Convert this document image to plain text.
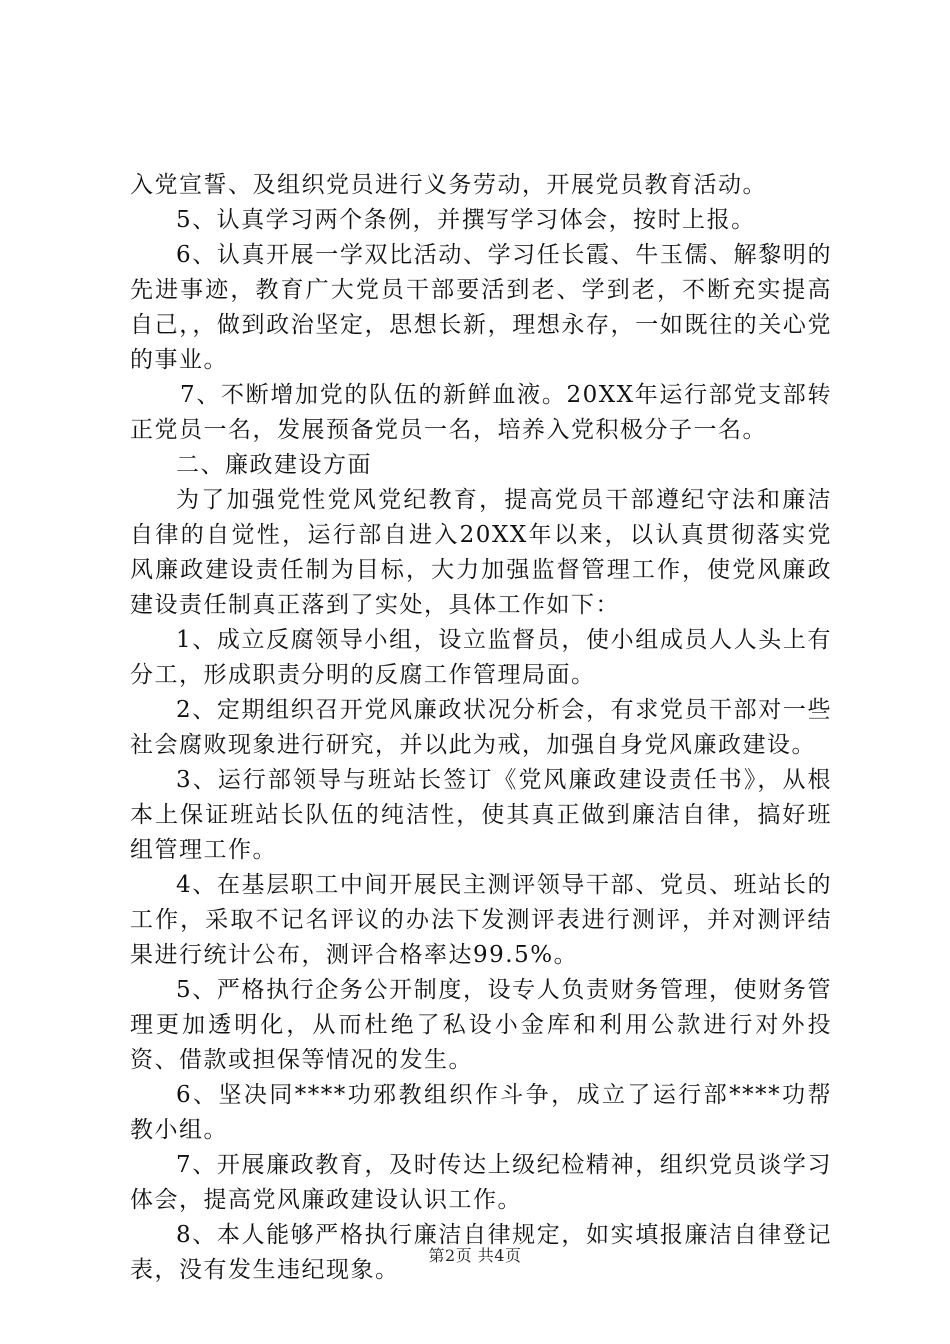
入党宣誓、及组织党员进行义务劳动，开展党员教育活动。

5、认真学习两个条例，并撰写学习体会，按时上报。

6、认真开展一学双比活动、学习任长霞、牛玉儒、解黎明的先进事迹，教育广大党员干部要活到老、学到老，不断充实提高自己，，做到政治坚定，思想长新，理想永存，一如既往的关心党的事业。

7、不断增加党的队伍的新鲜血液。20XX年运行部党支部转正党员一名，发展预备党员一名，培养入党积极分子一名。

二、廉政建设方面

为了加强党性党风党纪教育，提高党员干部遵纪守法和廉洁自律的自觉性，运行部自进入20XX年以来，以认真贯彻落实党风廉政建设责任制为目标，大力加强监督管理工作，使党风廉政建设责任制真正落到了实处，具体工作如下：

1、成立反腐领导小组，设立监督员，使小组成员人人头上有分工，形成职责分明的反腐工作管理局面。

2、定期组织召开党风廉政状况分析会，有求党员干部对一些社会腐败现象进行研究，并以此为戒，加强自身党风廉政建设。

3、运行部领导与班站长签订《党风廉政建设责任书》，从根本上保证班站长队伍的纯洁性，使其真正做到廉洁自律，搞好班组管理工作。

4、在基层职工中间开展民主测评领导干部、党员、班站长的工作，采取不记名评议的办法下发测评表进行测评，并对测评结果进行统计公布，测评合格率达99.5%。

5、严格执行企务公开制度，设专人负责财务管理，使财务管理更加透明化，从而杜绝了私设小金库和利用公款进行对外投资、借款或担保等情况的发生。

6、坚决同****功邪教组织作斗争，成立了运行部****功帮教小组。

7、开展廉政教育，及时传达上级纪检精神，组织党员谈学习体会，提高党风廉政建设认识工作。

8、本人能够严格执行廉洁自律规定，如实填报廉洁自律登记表，没有发生违纪现象。

第2页 共4页
